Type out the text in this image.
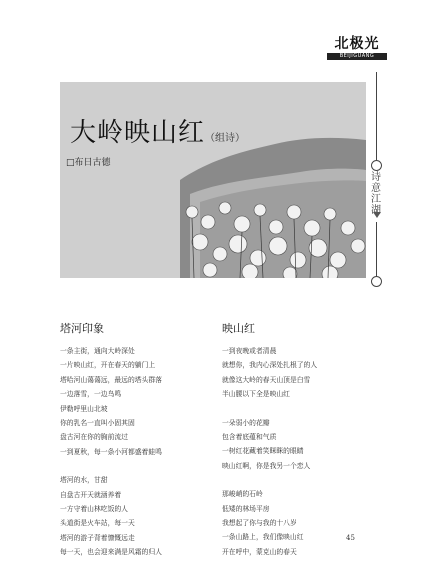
北极光
BEIJIGUANG
诗意江湖
大岭映山红（组诗）
□布日古德
塔河印象
一条主街，通向大岭深处
一片映山红，开在春天的躺门上
塔哈河山蔼蔼远，最远的塔头群落
一边落雪，一边鸟鸣
伊勒呼里山北坡
你的乳名一直叫小固其固
盘古河在你的胸前流过
一到夏秋，每一条小河都盛着蛙鸣
塔河的水，甘甜
自盘古开天就涵养着
一方守着山林吃饭的人
头道街是火车站，每一天
塔河的游子背着慷慨远走
每一天，也会迎来满是风霜的归人
映山红
一到夜晚或者清晨
就想你，我内心深处扎根了的人
就像这大岭的春天山顶是白雪
半山腰以下全是映山红
一朵弱小的花瓣
包含着底蕴和气质
一树红花藏着笑眯眯的眼睛
映山红啊，你是我另一个恋人
那峻峭的石岭
低矮的林场平房
我想起了你与我的十八岁
一条山路上，我们像映山红
开在呼中，蒙克山的春天
45
